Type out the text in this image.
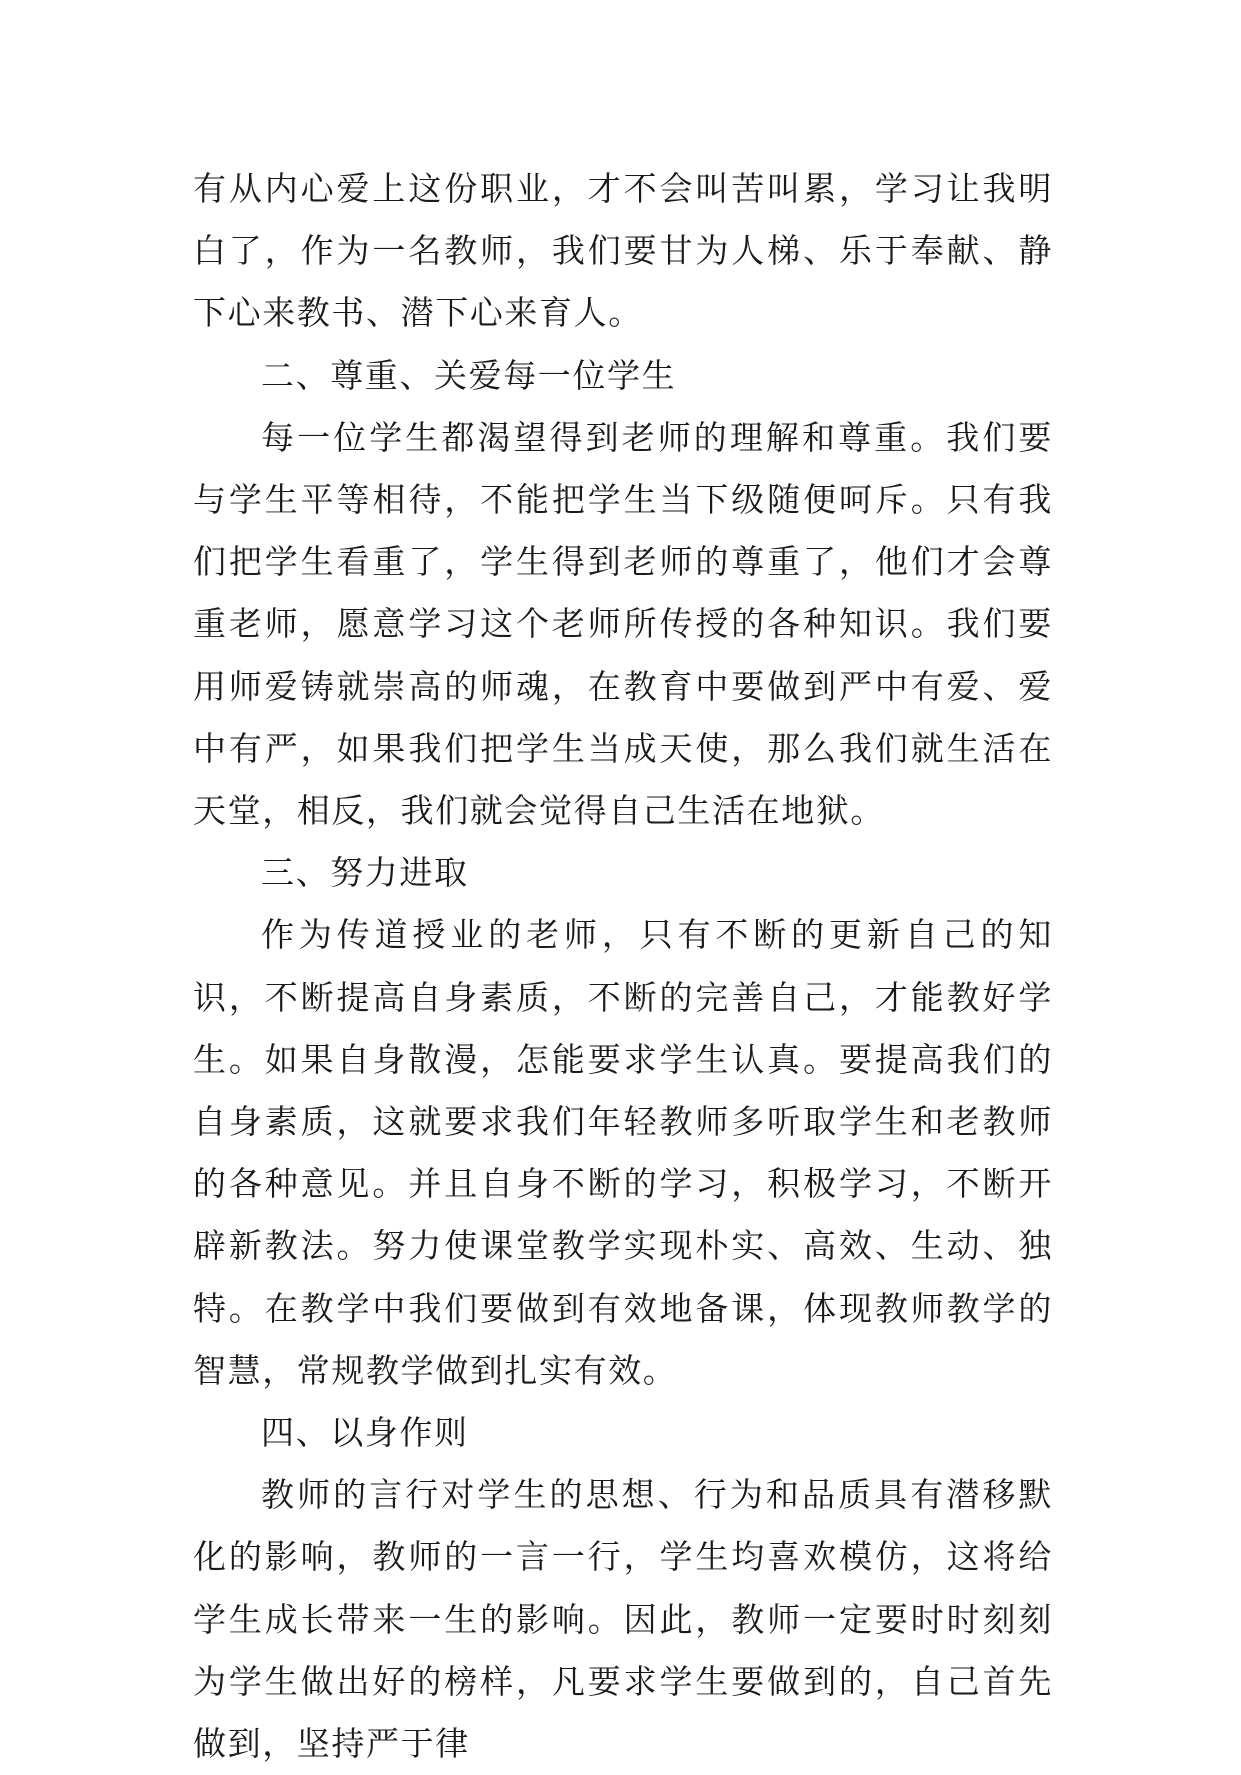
有从内心爱上这份职业，才不会叫苦叫累，学习让我明白了，作为一名教师，我们要甘为人梯、乐于奉献、静下心来教书、潜下心来育人。

二、尊重、关爱每一位学生

每一位学生都渴望得到老师的理解和尊重。我们要与学生平等相待，不能把学生当下级随便呵斥。只有我们把学生看重了，学生得到老师的尊重了，他们才会尊重老师，愿意学习这个老师所传授的各种知识。我们要用师爱铸就崇高的师魂，在教育中要做到严中有爱、爱中有严，如果我们把学生当成天使，那么我们就生活在天堂，相反，我们就会觉得自己生活在地狱。

三、努力进取

作为传道授业的老师，只有不断的更新自己的知识，不断提高自身素质，不断的完善自己，才能教好学生。如果自身散漫，怎能要求学生认真。要提高我们的自身素质，这就要求我们年轻教师多听取学生和老教师的各种意见。并且自身不断的学习，积极学习，不断开辟新教法。努力使课堂教学实现朴实、高效、生动、独特。在教学中我们要做到有效地备课，体现教师教学的智慧，常规教学做到扎实有效。

四、以身作则

教师的言行对学生的思想、行为和品质具有潜移默化的影响，教师的一言一行，学生均喜欢模仿，这将给学生成长带来一生的影响。因此，教师一定要时时刻刻为学生做出好的榜样，凡要求学生要做到的，自己首先做到，坚持严于律
